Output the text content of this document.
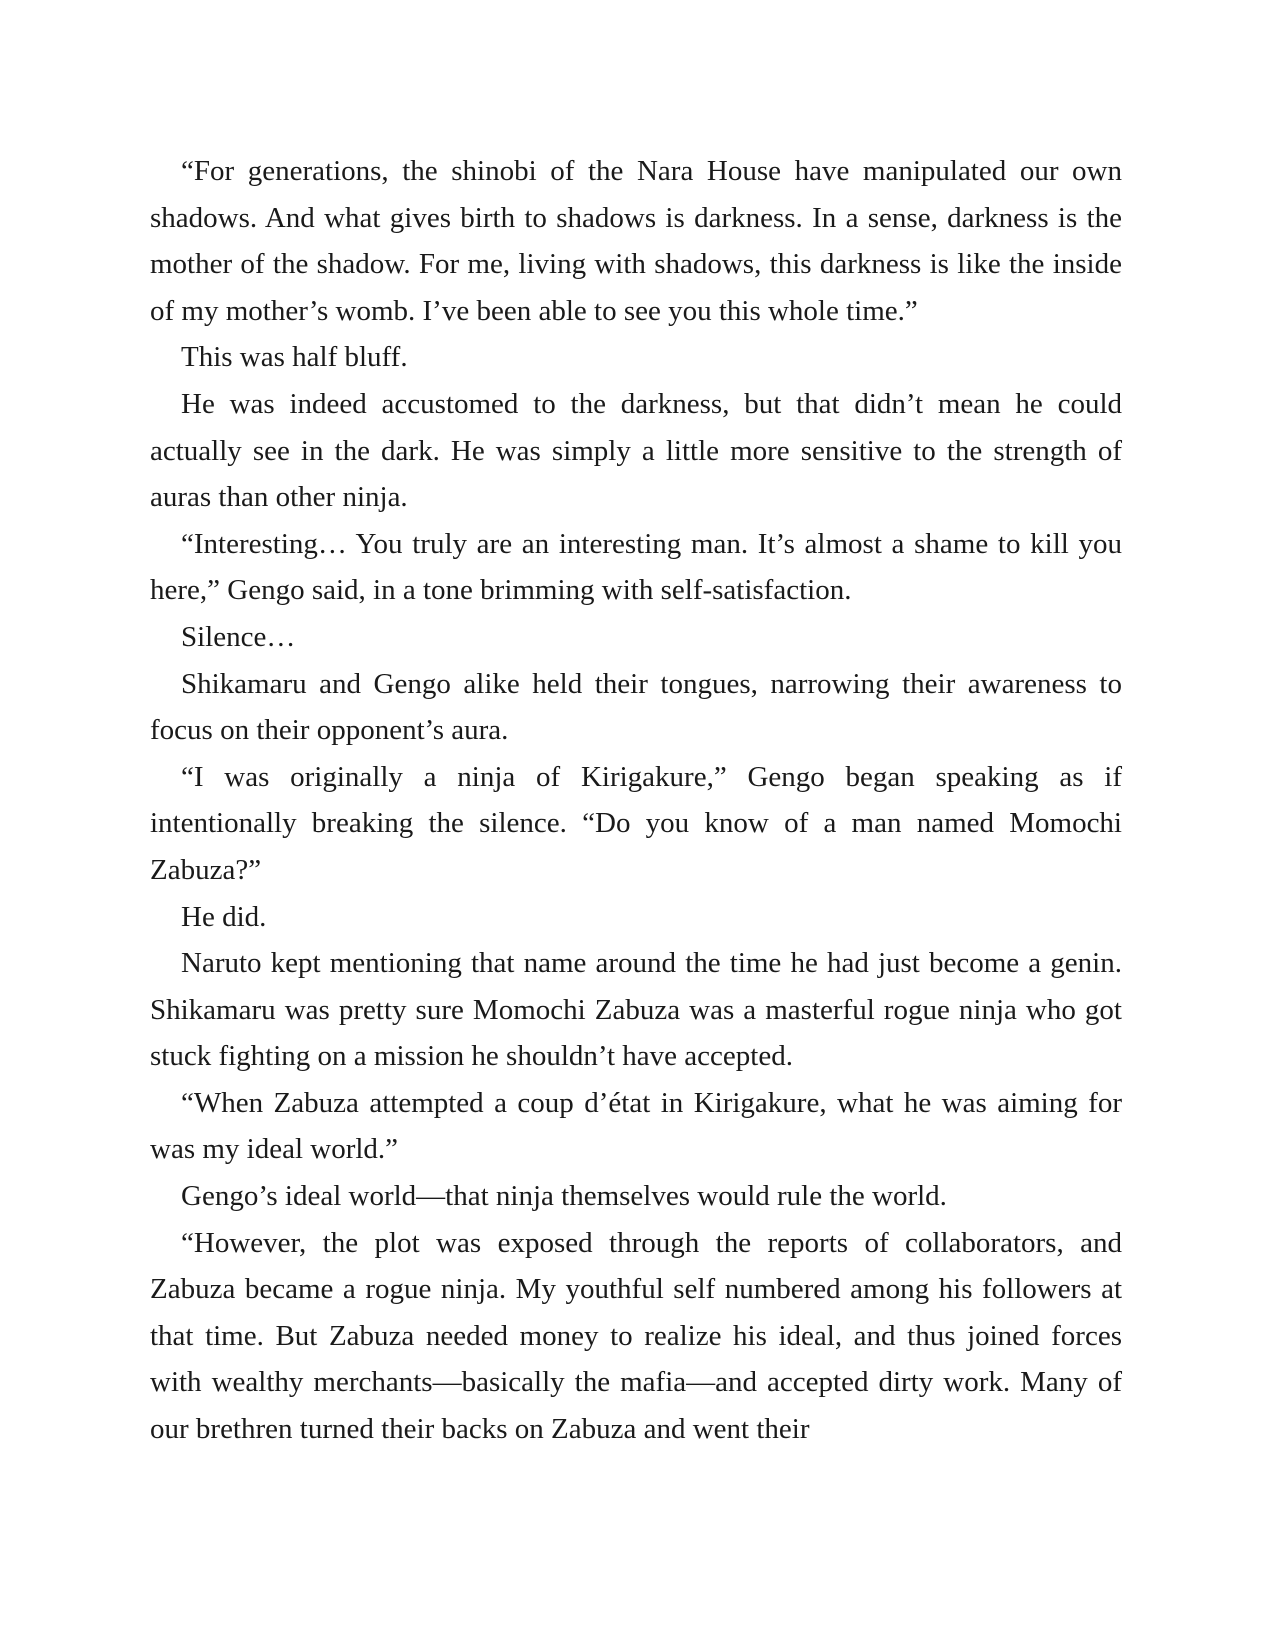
“For generations, the shinobi of the Nara House have manipulated our own shadows. And what gives birth to shadows is darkness. In a sense, darkness is the mother of the shadow. For me, living with shadows, this darkness is like the inside of my mother’s womb. I’ve been able to see you this whole time.”

This was half bluff.

He was indeed accustomed to the darkness, but that didn’t mean he could actually see in the dark. He was simply a little more sensitive to the strength of auras than other ninja.

“Interesting… You truly are an interesting man. It’s almost a shame to kill you here,” Gengo said, in a tone brimming with self-satisfaction.

Silence…

Shikamaru and Gengo alike held their tongues, narrowing their awareness to focus on their opponent’s aura.

“I was originally a ninja of Kirigakure,” Gengo began speaking as if intentionally breaking the silence. “Do you know of a man named Momochi Zabuza?”

He did.

Naruto kept mentioning that name around the time he had just become a genin. Shikamaru was pretty sure Momochi Zabuza was a masterful rogue ninja who got stuck fighting on a mission he shouldn’t have accepted.

“When Zabuza attempted a coup d’état in Kirigakure, what he was aiming for was my ideal world.”

Gengo’s ideal world—that ninja themselves would rule the world.

“However, the plot was exposed through the reports of collaborators, and Zabuza became a rogue ninja. My youthful self numbered among his followers at that time. But Zabuza needed money to realize his ideal, and thus joined forces with wealthy merchants—basically the mafia—and accepted dirty work. Many of our brethren turned their backs on Zabuza and went their
